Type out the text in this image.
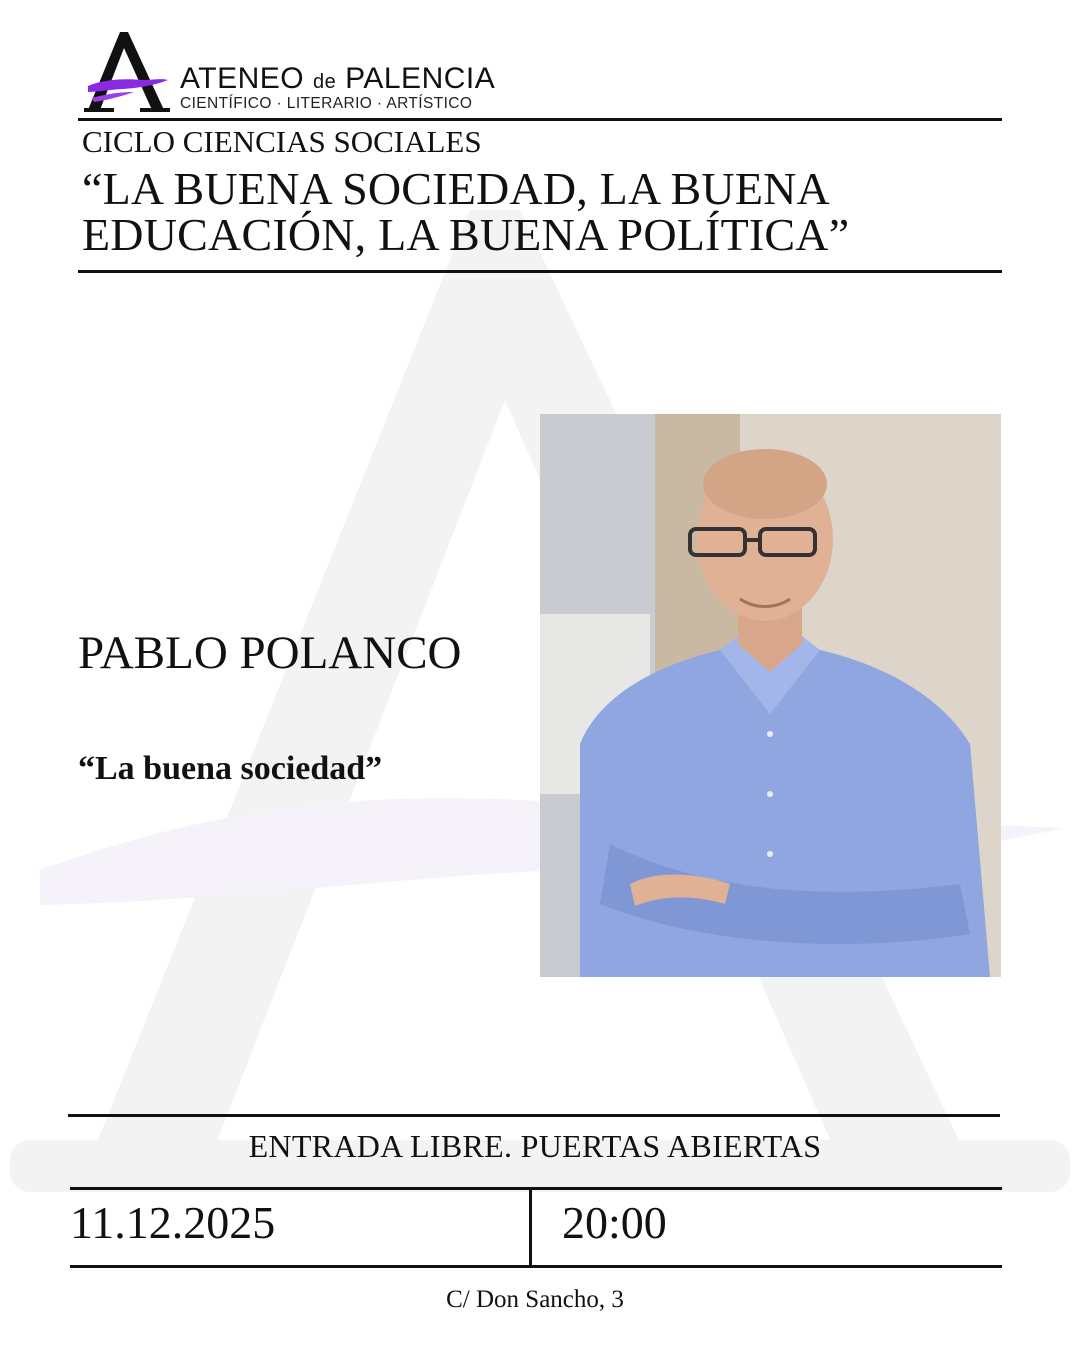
ATENEO de PALENCIA
CIENTÍFICO · LITERARIO · ARTÍSTICO
CICLO CIENCIAS SOCIALES
“LA BUENA SOCIEDAD, LA BUENA
EDUCACIÓN, LA BUENA POLÍTICA”
PABLO POLANCO
“La buena sociedad”
ENTRADA LIBRE. PUERTAS ABIERTAS
11.12.2025	20:00
C/ Don Sancho, 3
